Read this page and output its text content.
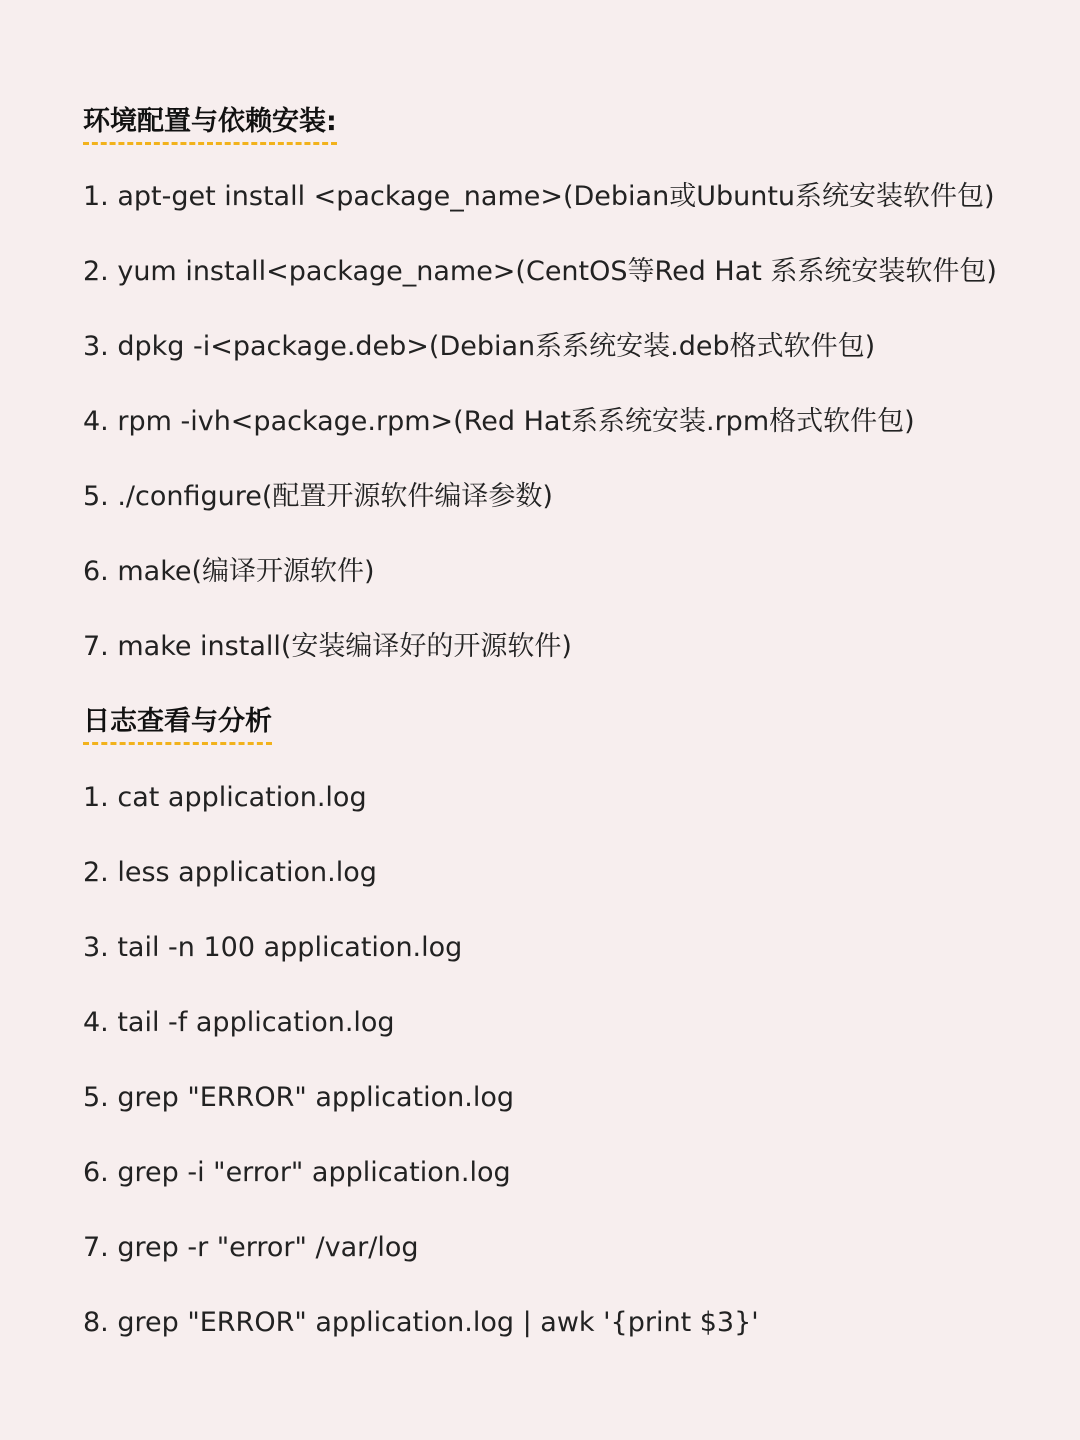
环境配置与依赖安装:

1. apt-get install <package_name>(Debian或Ubuntu系统安装软件包)

2. yum install<package_name>(CentOS等Red Hat 系系统安装软件包)

3. dpkg -i<package.deb>(Debian系系统安装.deb格式软件包)

4. rpm -ivh<package.rpm>(Red Hat系系统安装.rpm格式软件包)

5. ./configure(配置开源软件编译参数)

6. make(编译开源软件)

7. make install(安装编译好的开源软件)

日志查看与分析

1. cat application.log

2. less application.log

3. tail -n 100 application.log

4. tail -f application.log

5. grep "ERROR" application.log

6. grep -i "error" application.log

7. grep -r "error" /var/log

8. grep "ERROR" application.log | awk '{print $3}'
